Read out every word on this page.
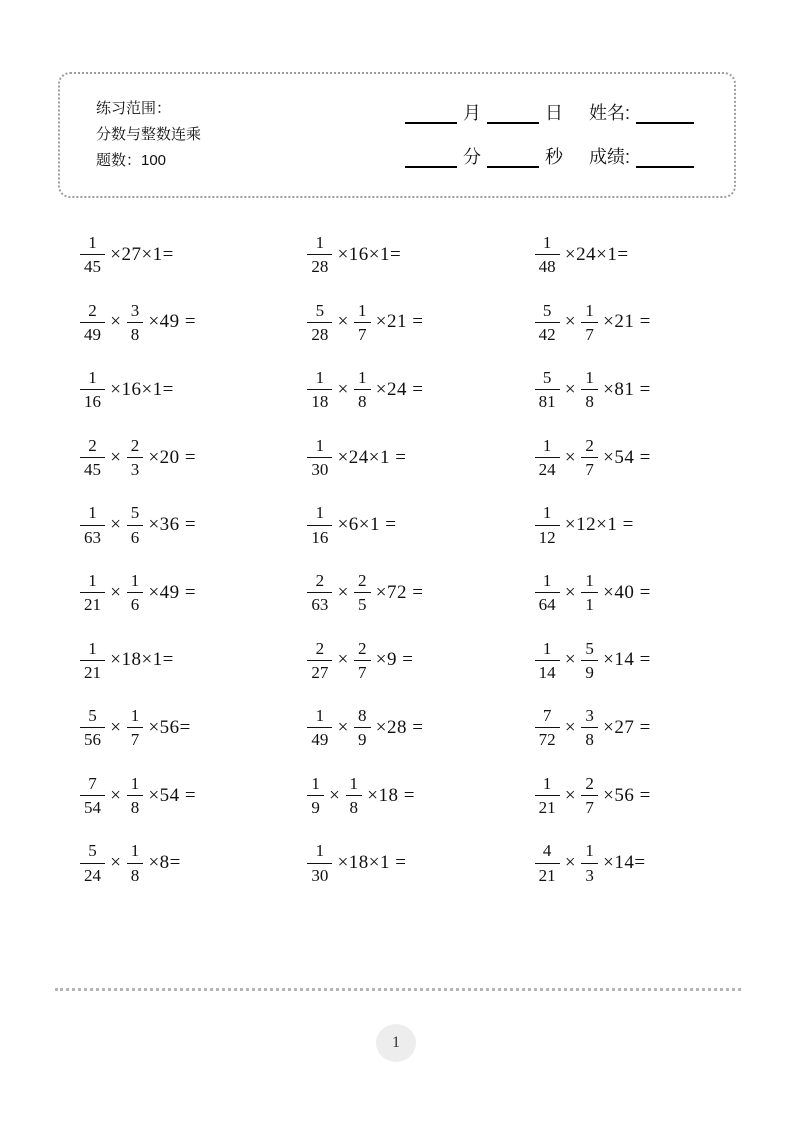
练习范围：
分数与整数连乘
题数：100
月	日	姓名:
分	秒	成绩:
$\frac{1}{45} \times 27\times 1=$	$\frac{1}{28} \times 16\times 1=$	$\frac{1}{48} \times 24\times 1=$
$\frac{2}{49} \times \frac{3}{8} \times 49$ =	$\frac{5}{28} \times \frac{1}{7} \times 21$ =	$\frac{5}{42} \times \frac{1}{7} \times 21$ =
$\frac{1}{16} \times 16\times 1=$	$\frac{1}{18} \times \frac{1}{8} \times 24$ =	$\frac{5}{81} \times \frac{1}{8} \times 81$ =
$\frac{2}{45} \times \frac{2}{3} \times 20$ =	$\frac{1}{30} \times 24\times 1$ =	$\frac{1}{24} \times \frac{2}{7} \times 54$ =
$\frac{1}{63} \times \frac{5}{6} \times 36$ =	$\frac{1}{16} \times 6\times 1$ =	$\frac{1}{12} \times 12\times 1$ =
$\frac{1}{21} \times \frac{1}{6} \times 49$ =	$\frac{2}{63} \times \frac{2}{5} \times 72$ =	$\frac{1}{64} \times \frac{1}{1} \times 40$ =
$\frac{1}{21} \times 18\times 1=$	$\frac{2}{27} \times \frac{2}{7} \times 9$ =	$\frac{1}{14} \times \frac{5}{9} \times 14$ =
$\frac{5}{56} \times \frac{1}{7} \times 56=$	$\frac{1}{49} \times \frac{8}{9} \times 28$ =	$\frac{7}{72} \times \frac{3}{8} \times 27$ =
$\frac{7}{54} \times \frac{1}{8} \times 54$ =	$\frac{1}{9} \times \frac{1}{8} \times 18$ =	$\frac{1}{21} \times \frac{2}{7} \times 56$ =
$\frac{5}{24} \times \frac{1}{8} \times 8=$	$\frac{1}{30} \times 18\times 1$ =	$\frac{4}{21} \times \frac{1}{3} \times 14=$
1
